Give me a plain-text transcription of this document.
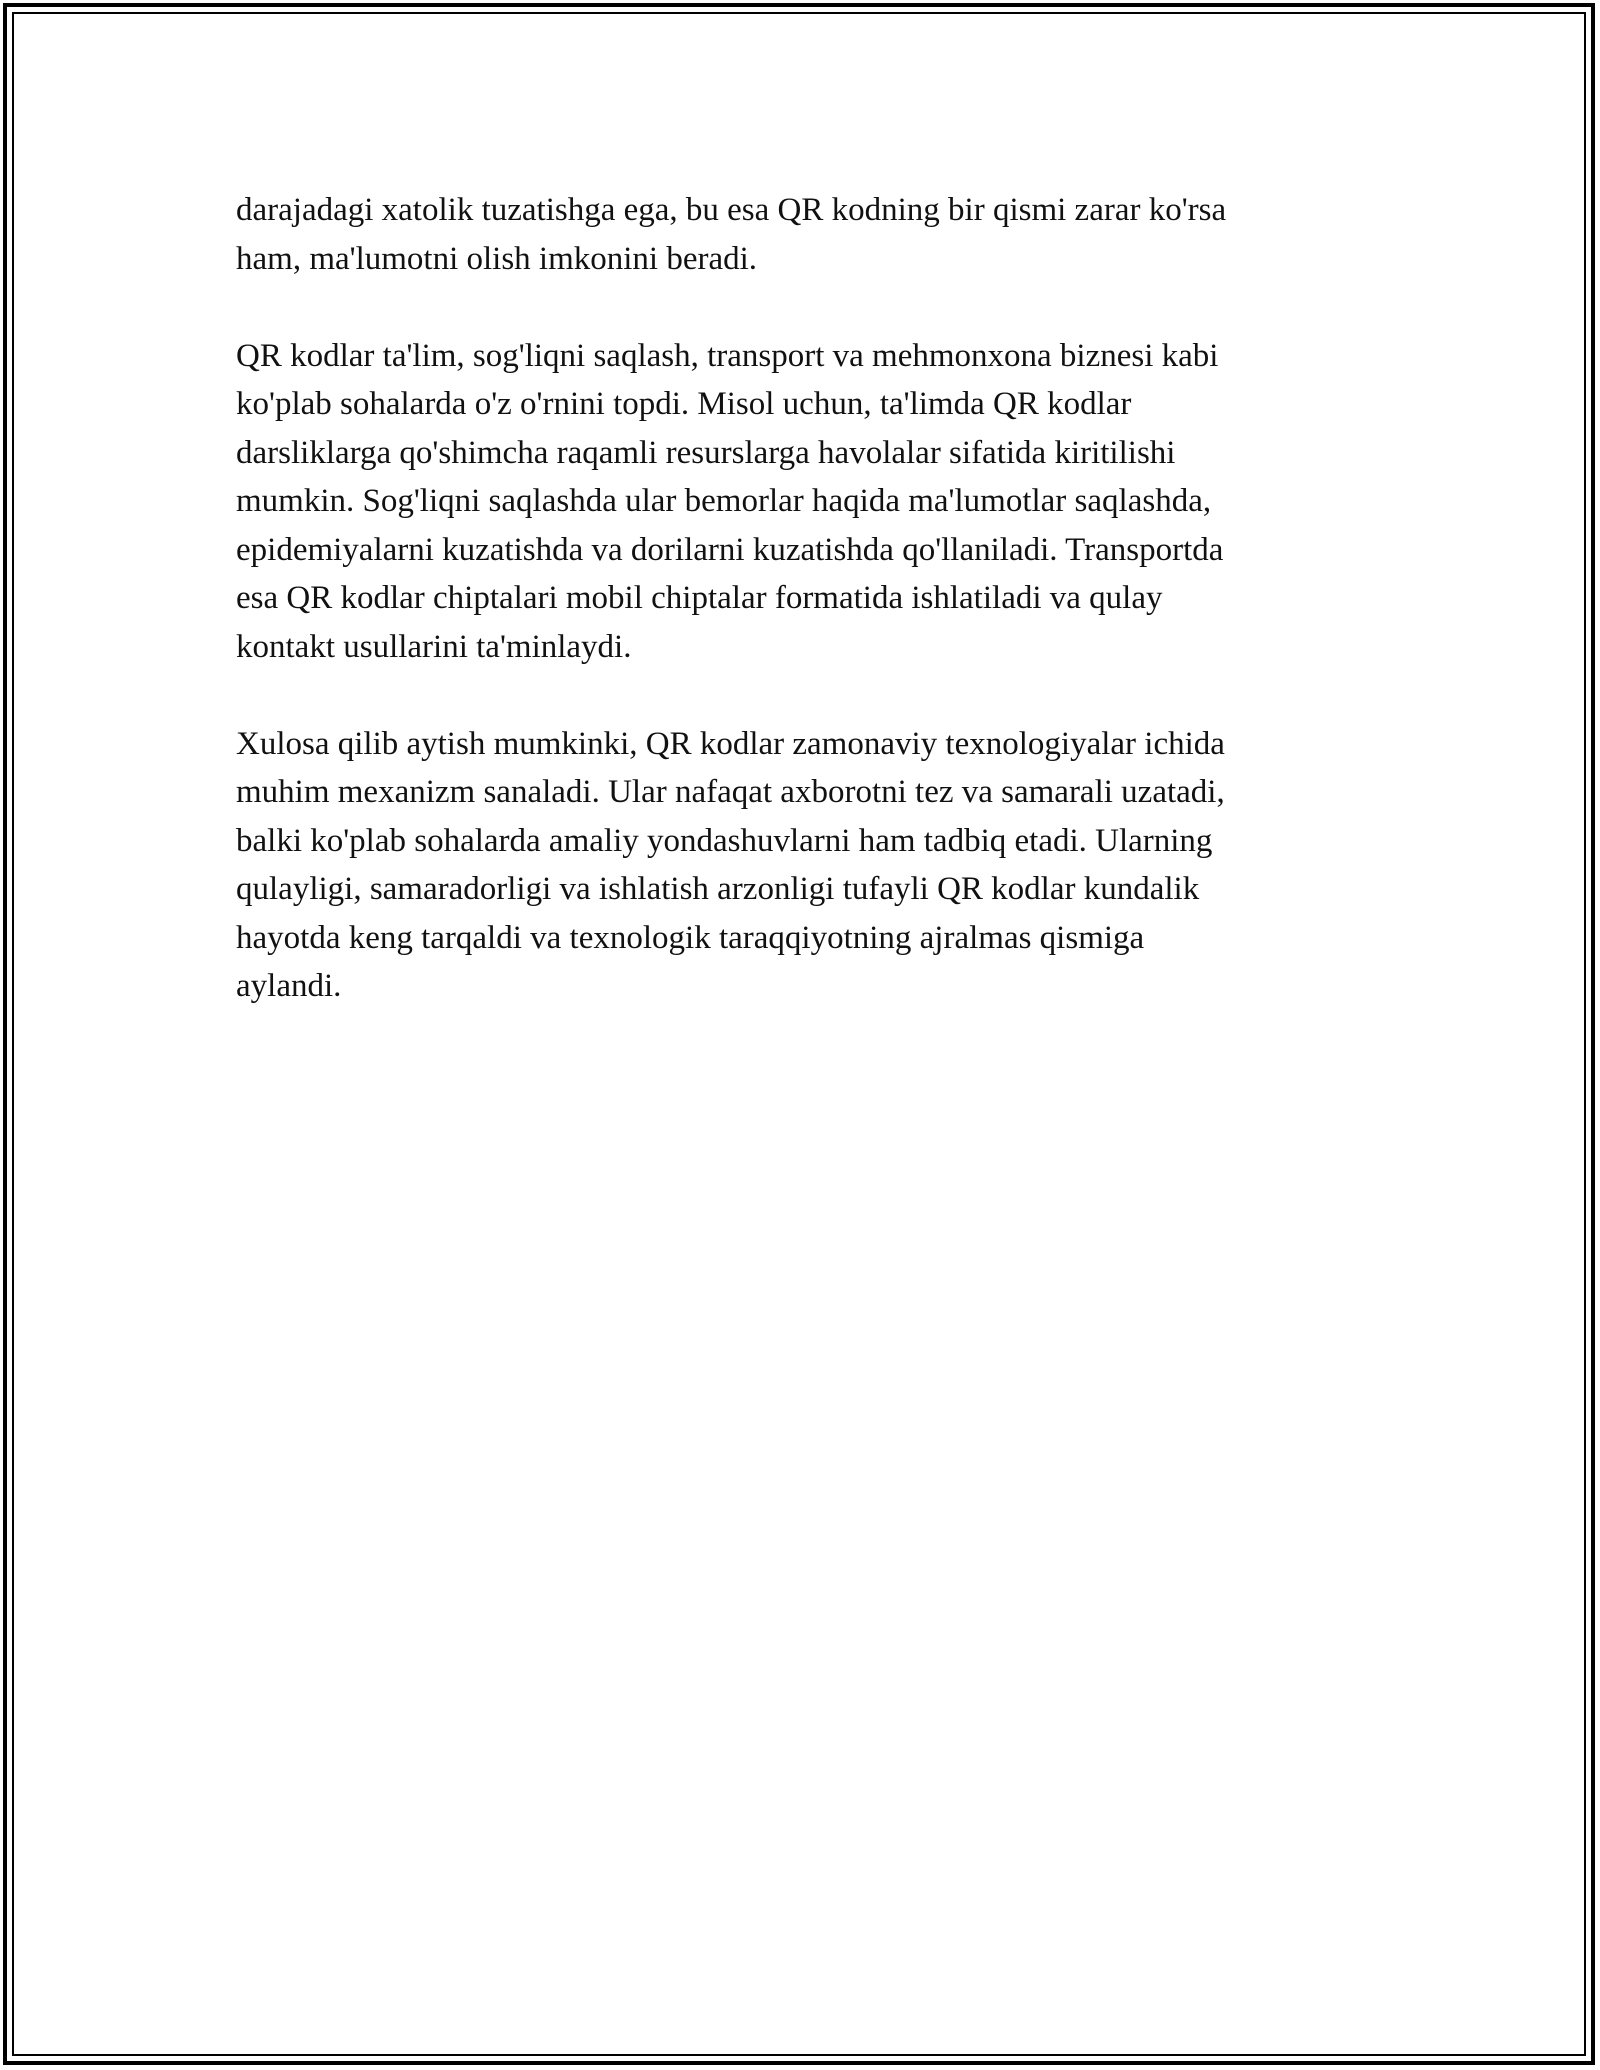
darajadagi xatolik tuzatishga ega, bu esa QR kodning bir qismi zarar ko'rsa
ham, ma'lumotni olish imkonini beradi.

QR kodlar ta'lim, sog'liqni saqlash, transport va mehmonxona biznesi kabi
ko'plab sohalarda o'z o'rnini topdi. Misol uchun, ta'limda QR kodlar
darsliklarga qo'shimcha raqamli resurslarga havolalar sifatida kiritilishi
mumkin. Sog'liqni saqlashda ular bemorlar haqida ma'lumotlar saqlashda,
epidemiyalarni kuzatishda va dorilarni kuzatishda qo'llaniladi. Transportda
esa QR kodlar chiptalari mobil chiptalar formatida ishlatiladi va qulay
kontakt usullarini ta'minlaydi.

Xulosa qilib aytish mumkinki, QR kodlar zamonaviy texnologiyalar ichida
muhim mexanizm sanaladi. Ular nafaqat axborotni tez va samarali uzatadi,
balki ko'plab sohalarda amaliy yondashuvlarni ham tadbiq etadi. Ularning
qulayligi, samaradorligi va ishlatish arzonligi tufayli QR kodlar kundalik
hayotda keng tarqaldi va texnologik taraqqiyotning ajralmas qismiga
aylandi.
